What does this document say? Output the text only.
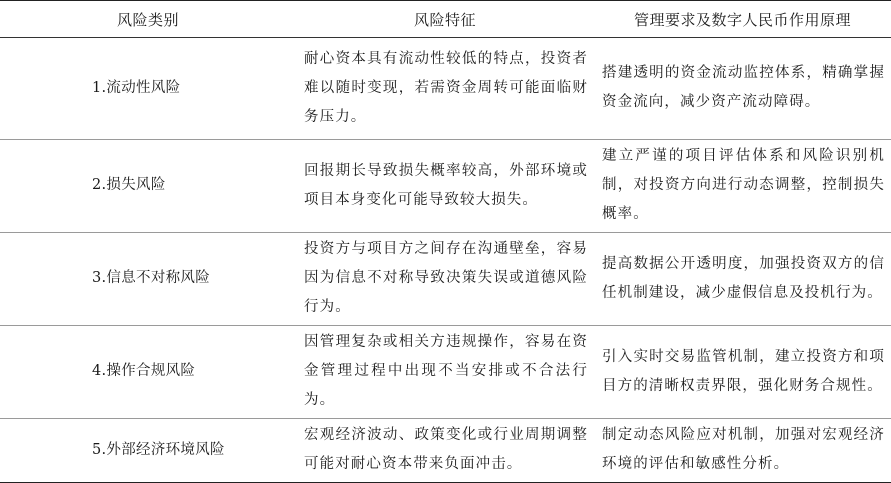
风险类别	风险特征	管理要求及数字人民币作用原理
1.流动性风险	耐心资本具有流动性较低的特点，投资者难以随时变现，若需资金周转可能面临财务压力。	搭建透明的资金流动监控体系，精确掌握资金流向，减少资产流动障碍。
2.损失风险	回报期长导致损失概率较高，外部环境或项目本身变化可能导致较大损失。	建立严谨的项目评估体系和风险识别机制，对投资方向进行动态调整，控制损失概率。
3.信息不对称风险	投资方与项目方之间存在沟通壁垒，容易因为信息不对称导致决策失误或道德风险行为。	提高数据公开透明度，加强投资双方的信任机制建设，减少虚假信息及投机行为。
4.操作合规风险	因管理复杂或相关方违规操作，容易在资金管理过程中出现不当安排或不合法行为。	引入实时交易监管机制，建立投资方和项目方的清晰权责界限，强化财务合规性。
5.外部经济环境风险	宏观经济波动、政策变化或行业周期调整可能对耐心资本带来负面冲击。	制定动态风险应对机制，加强对宏观经济环境的评估和敏感性分析。
